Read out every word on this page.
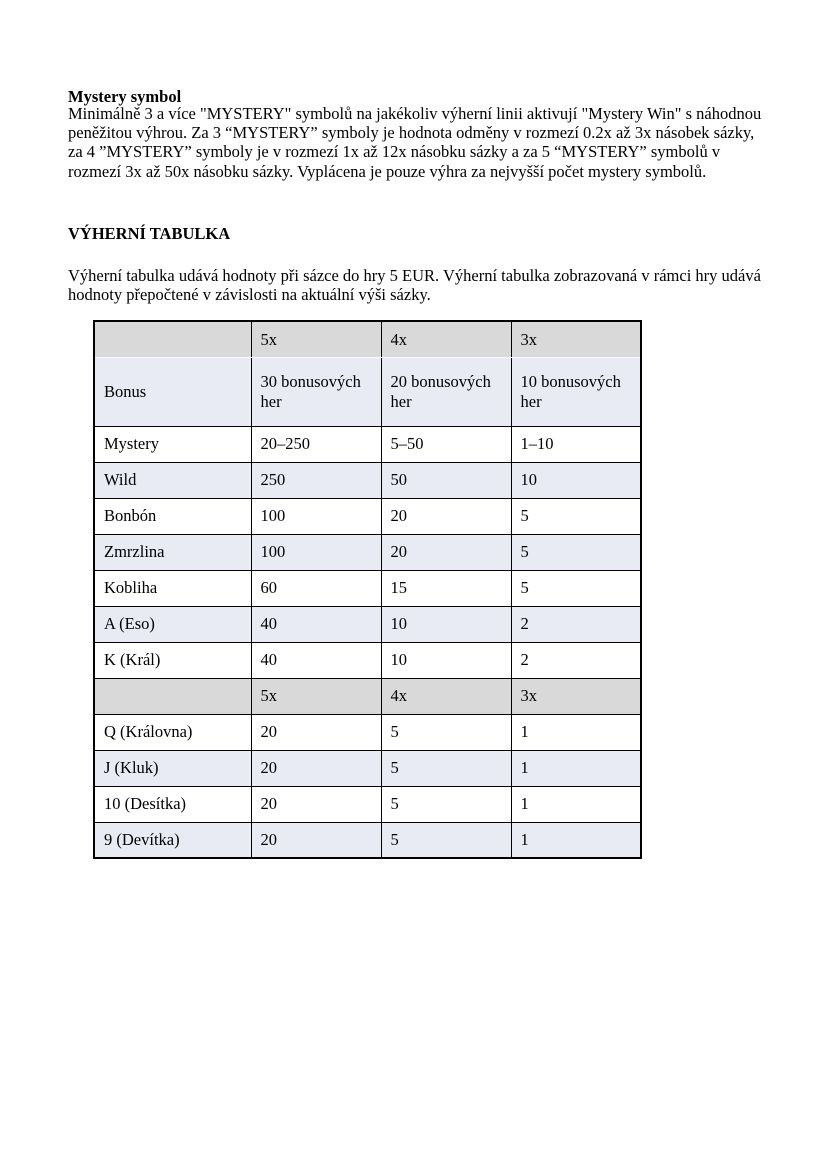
Mystery symbol
Minimálně 3 a více "MYSTERY" symbolů na jakékoliv výherní linii aktivují "Mystery Win" s náhodnou peněžitou výhrou. Za 3 “MYSTERY” symboly je hodnota odměny v rozmezí 0.2x až 3x násobek sázky, za 4 ”MYSTERY” symboly je v rozmezí 1x až 12x násobku sázky a za 5 “MYSTERY” symbolů v rozmezí 3x až 50x násobku sázky. Vyplácena je pouze výhra za nejvyšší počet mystery symbolů.
VÝHERNÍ TABULKA
Výherní tabulka udává hodnoty při sázce do hry 5 EUR. Výherní tabulka zobrazovaná v rámci hry udává hodnoty přepočtené v závislosti na aktuální výši sázky.
	5x	4x	3x
Bonus	30 bonusových her	20 bonusových her	10 bonusových her
Mystery	20–250	5–50	1–10
Wild	250	50	10
Bonbón	100	20	5
Zmrzlina	100	20	5
Kobliha	60	15	5
A (Eso)	40	10	2
K (Král)	40	10	2
	5x	4x	3x
Q (Královna)	20	5	1
J (Kluk)	20	5	1
10 (Desítka)	20	5	1
9 (Devítka)	20	5	1
